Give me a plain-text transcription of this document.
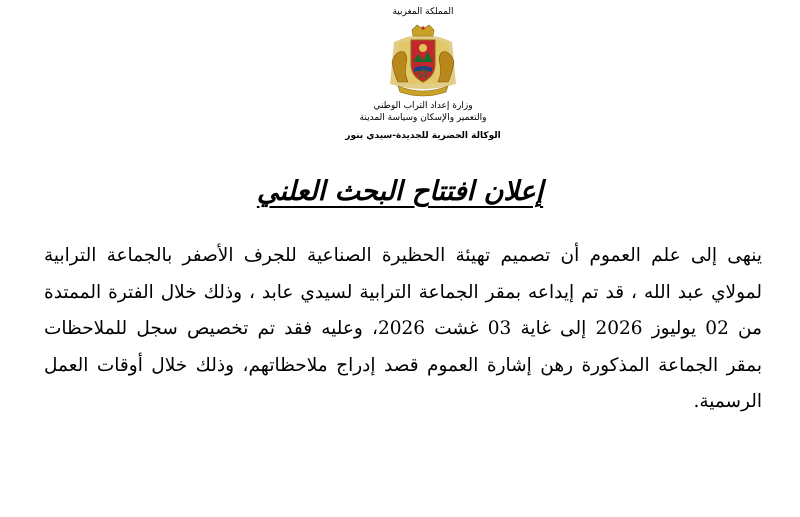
المملكة المغربية
وزارة إعداد التراب الوطني
والتعمير والإسكان وسياسة المدينة
الوكالة الحضرية للجديدة-سيدي بنور
إعلان افتتاح البحث العلني
ينهى إلى علم العموم أن تصميم تهيئة الحظيرة الصناعية للجرف الأصفر بالجماعة الترابية لمولاي عبد الله ، قد تم إيداعه بمقر الجماعة الترابية لسيدي عابد ، وذلك خلال الفترة الممتدة من 02 يوليوز 2026 إلى غاية 03 غشت 2026، وعليه فقد تم تخصيص سجل للملاحظات بمقر الجماعة المذكورة رهن إشارة العموم قصد إدراج ملاحظاتهم، وذلك خلال أوقات العمل الرسمية.
